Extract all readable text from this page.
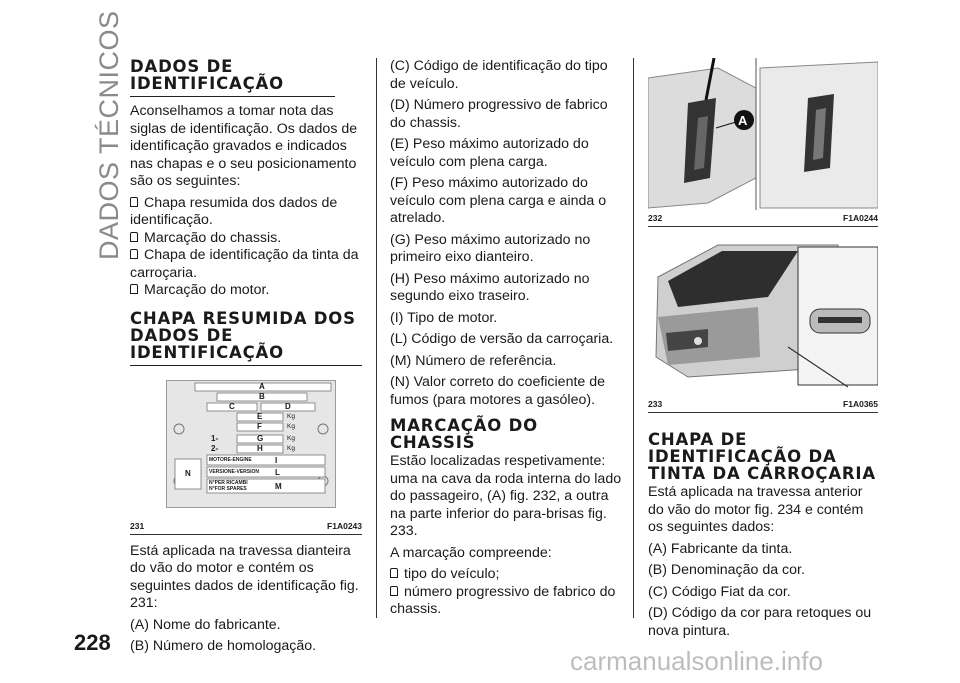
DADOS TÉCNICOS
228
DADOS DE IDENTIFICAÇÃO

Aconselhamos a tomar nota das siglas de identificação. Os dados de identificação gravados e indicados nas chapas e o seu posicionamento são os seguintes:

Chapa resumida dos dados de identificação.
Marcação do chassis.
Chapa de identificação da tinta da carroçaria.
Marcação do motor.
CHAPA RESUMIDA DOS DADOS DE IDENTIFICAÇÃO
A
B
C	D
E
F
G
H
Kg
Kg
Kg
Kg
1-
2-
MOTORE-ENGINE	I
VERSIONE-VERSION L
N°PER RICAMBI
N°FOR SPARES	M
N
231	F1A0243

Está aplicada na travessa dianteira do vão do motor e contém os seguintes dados de identificação fig. 231:

(A) Nome do fabricante.

(B) Número de homologação.

(C) Código de identificação do tipo de veículo.

(D) Número progressivo de fabrico do chassis.

(E) Peso máximo autorizado do veículo com plena carga.

(F) Peso máximo autorizado do veículo com plena carga e ainda o atrelado.

(G) Peso máximo autorizado no primeiro eixo dianteiro.

(H) Peso máximo autorizado no segundo eixo traseiro.

(I) Tipo de motor.

(L) Código de versão da carroçaria.

(M) Número de referência.

(N) Valor correto do coeficiente de fumos (para motores a gasóleo).

MARCAÇÃO DO CHASSIS

Estão localizadas respetivamente: uma na cava da roda interna do lado do passageiro, (A) fig. 232, a outra na parte inferior do para-brisas fig. 233.

A marcação compreende:

tipo do veículo;
número progressivo de fabrico do chassis.
A
232	F1A0244
233	F1A0365
CHAPA DE IDENTIFICAÇÃO DA TINTA DA CARROÇARIA

Está aplicada na travessa anterior do vão do motor fig. 234 e contém os seguintes dados:

(A) Fabricante da tinta.

(B) Denominação da cor.

(C) Código Fiat da cor.

(D) Código da cor para retoques ou nova pintura.

carmanualsonline.info
